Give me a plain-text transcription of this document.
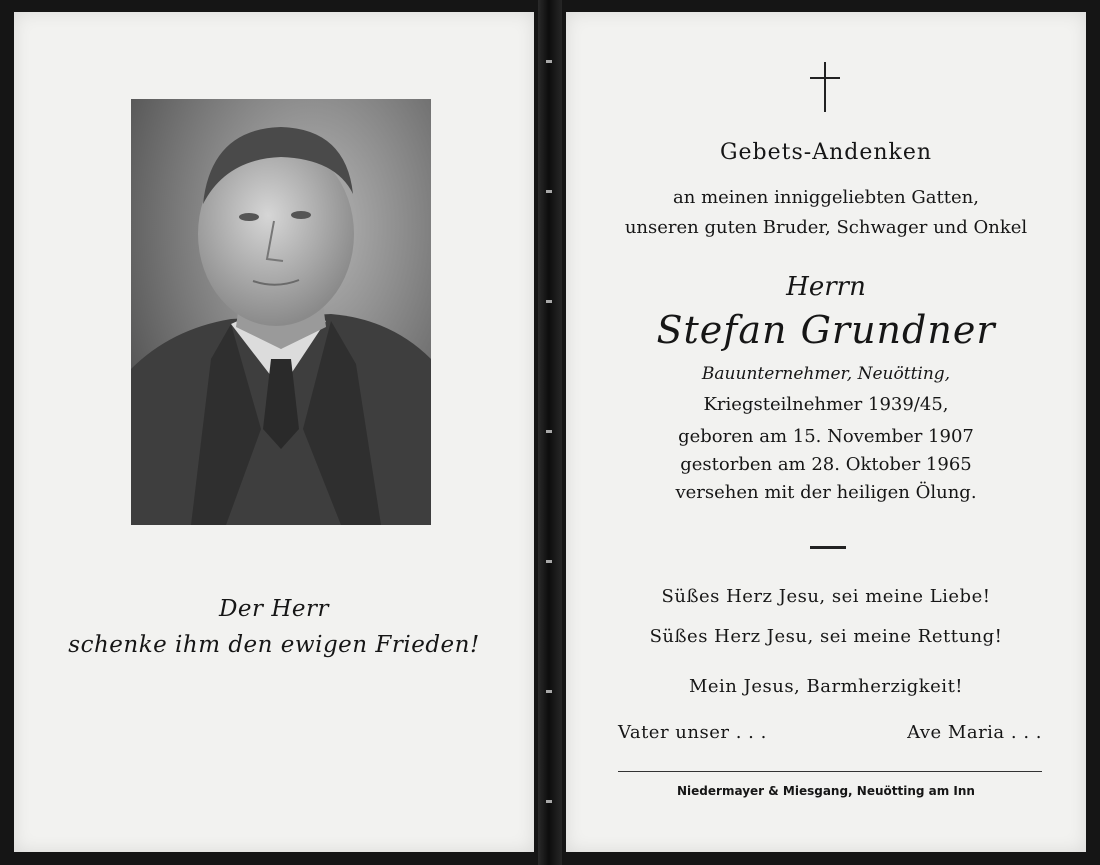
Der Herr
schenke ihm den ewigen Frieden!
Gebets-Andenken
an meinen inniggeliebten Gatten,
unseren guten Bruder, Schwager und Onkel
Herrn
Stefan Grundner
Bauunternehmer, Neuötting,
Kriegsteilnehmer 1939/45,
geboren am 15. November 1907
gestorben am 28. Oktober 1965
versehen mit der heiligen Ölung.
Süßes Herz Jesu, sei meine Liebe!
Süßes Herz Jesu, sei meine Rettung!
Mein Jesus, Barmherzigkeit!
Vater unser . . .	Ave Maria . . .
Niedermayer & Miesgang, Neuötting am Inn
